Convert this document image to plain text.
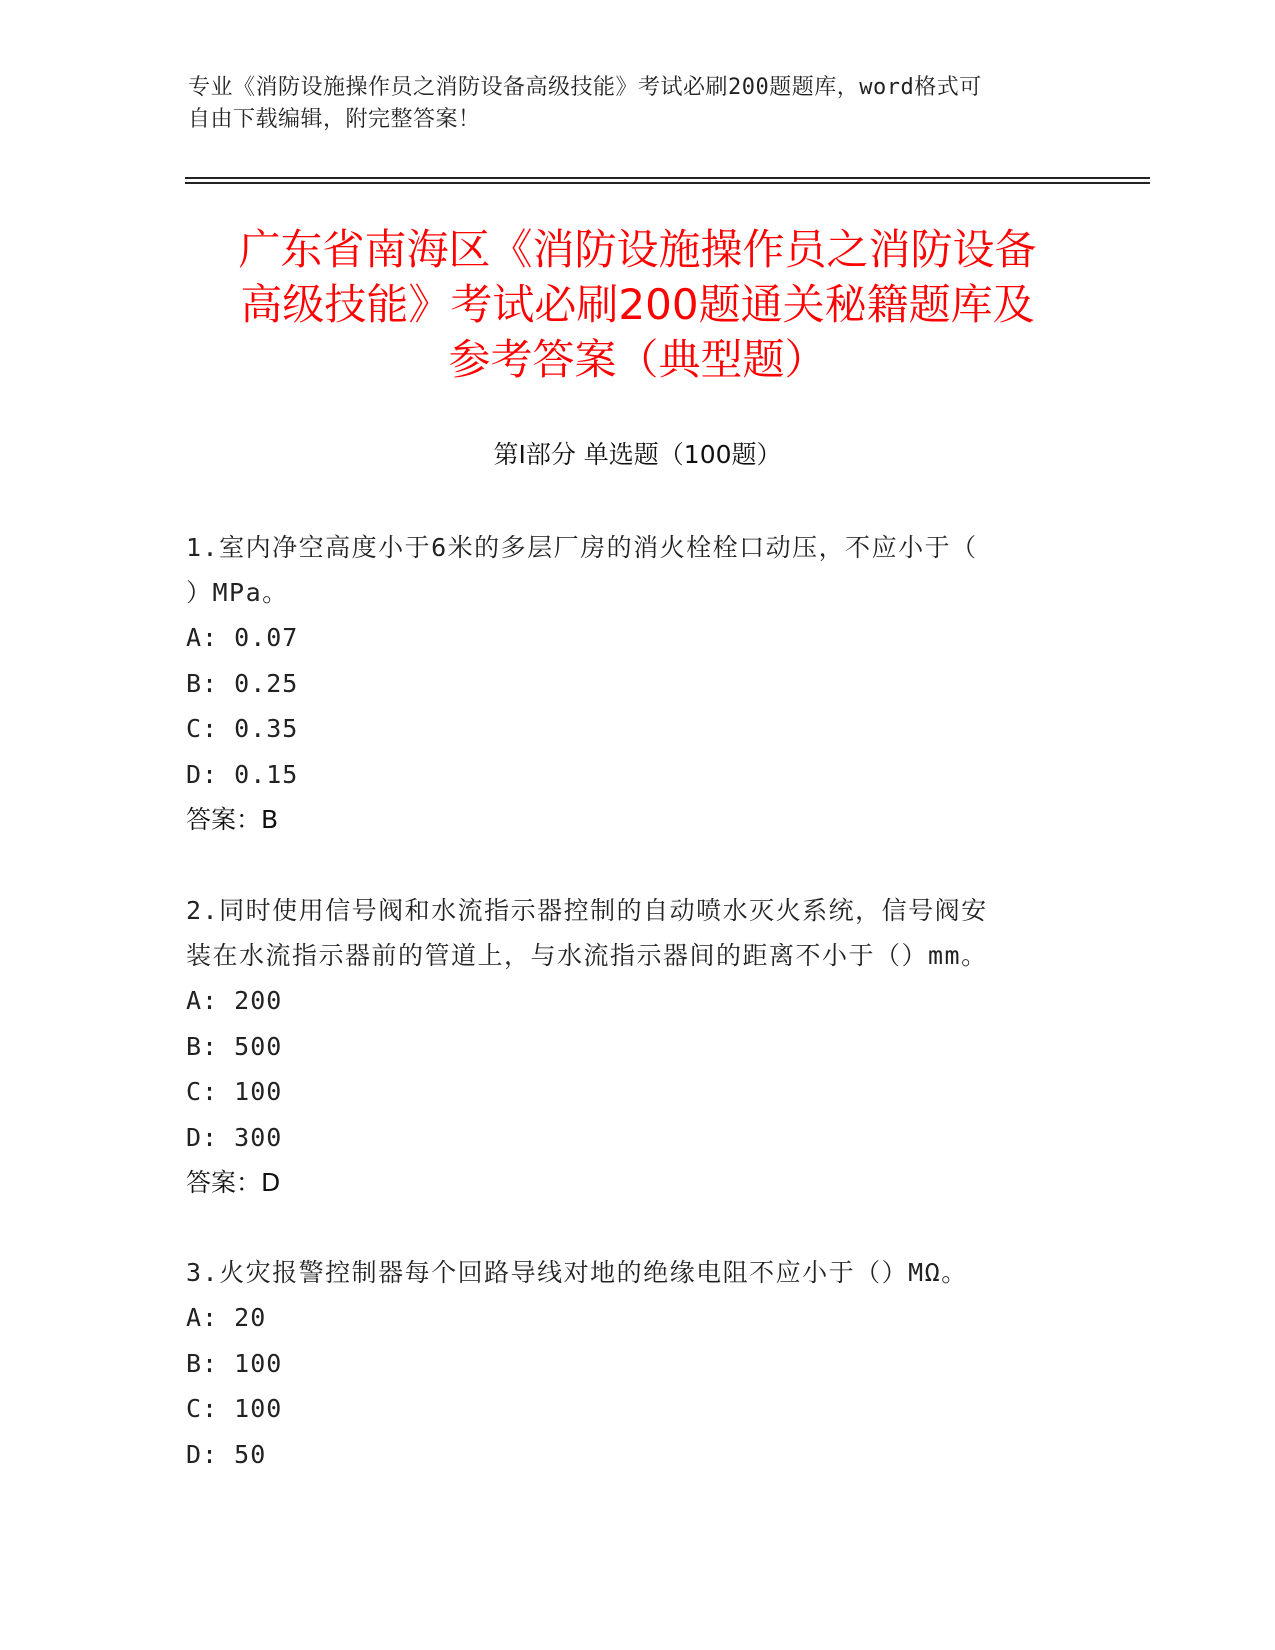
专业《消防设施操作员之消防设备高级技能》考试必刷200题题库，word格式可
自由下载编辑，附完整答案！
广东省南海区《消防设施操作员之消防设备
高级技能》考试必刷200题通关秘籍题库及
参考答案（典型题）
第Ⅰ部分 单选题（100题）
1.室内净空高度小于6米的多层厂房的消火栓栓口动压，不应小于（
）MPa。
A: 0.07
B: 0.25
C: 0.35
D: 0.15
答案：B
2.同时使用信号阀和水流指示器控制的自动喷水灭火系统，信号阀安
装在水流指示器前的管道上，与水流指示器间的距离不小于（）mm。
A: 200
B: 500
C: 100
D: 300
答案：D
3.火灾报警控制器每个回路导线对地的绝缘电阻不应小于（）MΩ。
A: 20
B: 100
C: 100
D: 50
